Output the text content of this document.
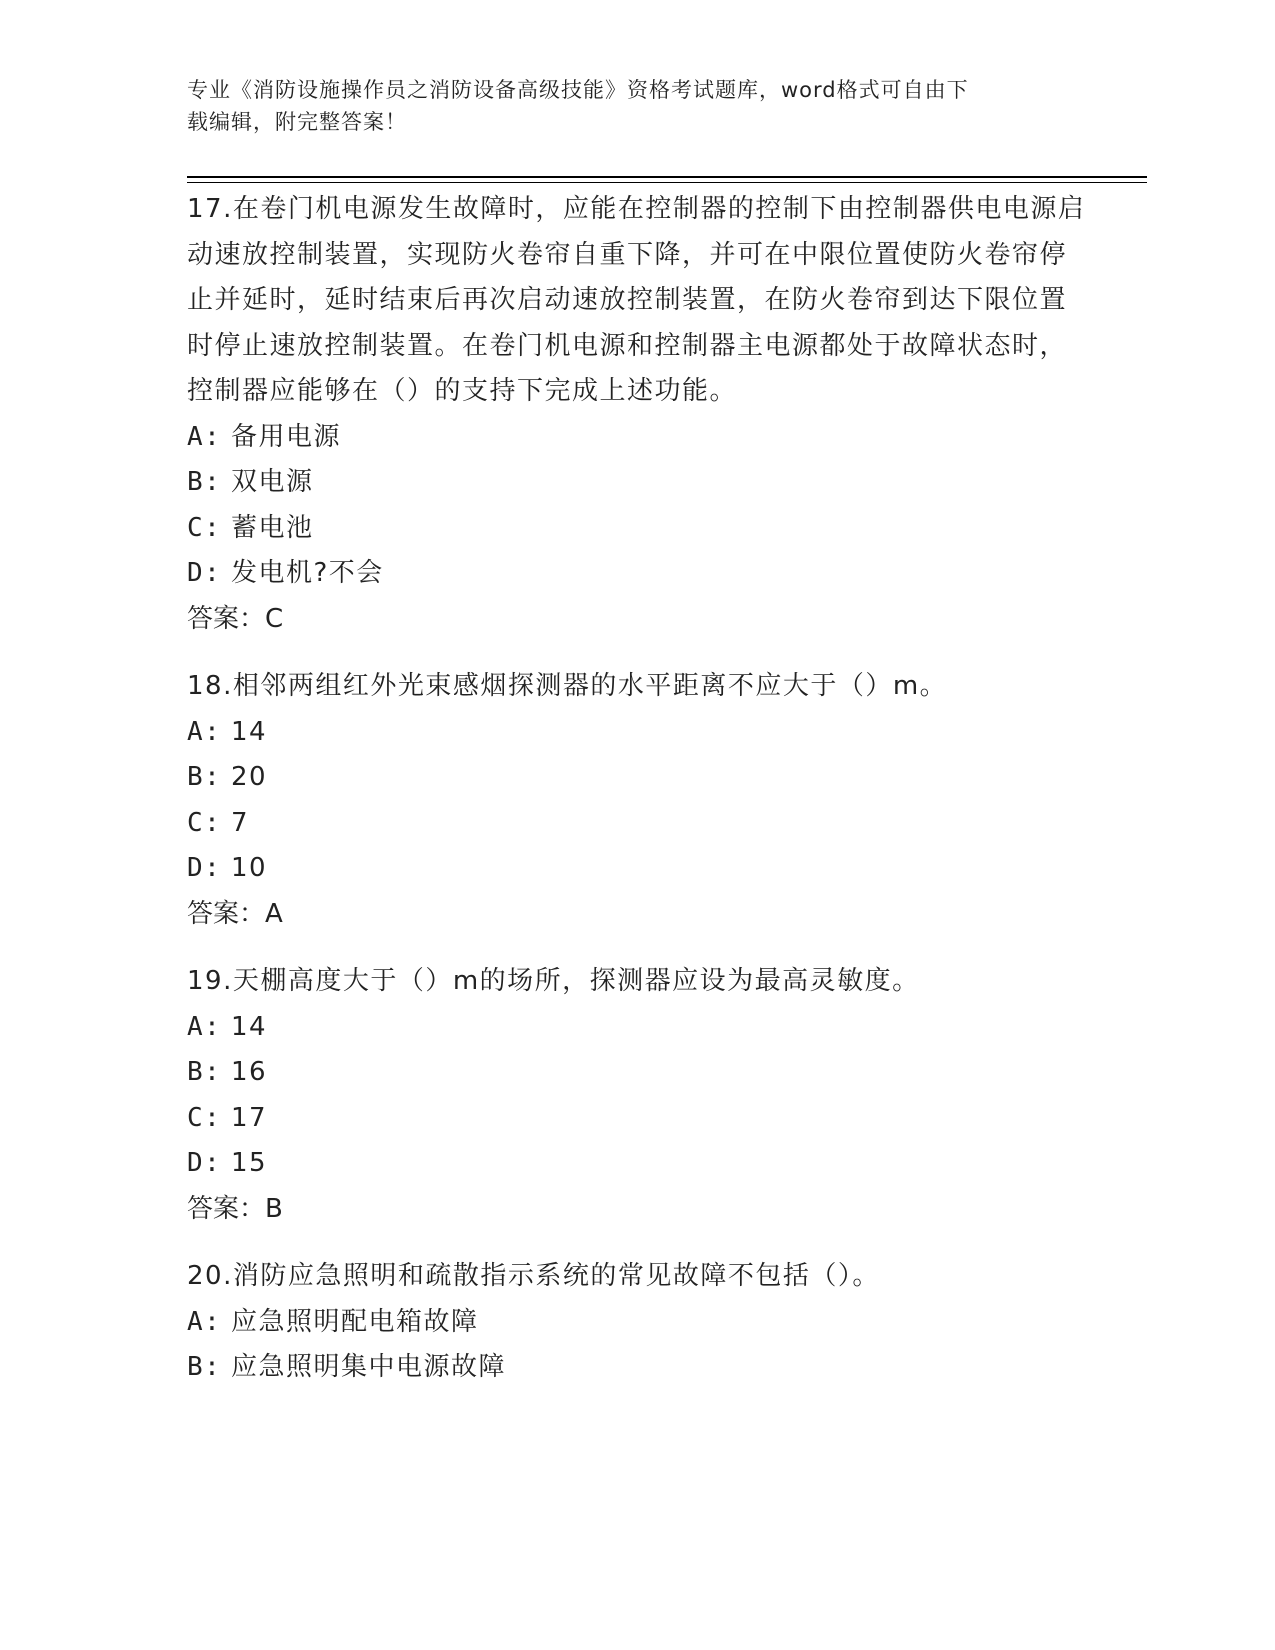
专业《消防设施操作员之消防设备高级技能》资格考试题库，word格式可自由下
载编辑，附完整答案！

17.在卷门机电源发生故障时，应能在控制器的控制下由控制器供电电源启动速放控制装置，实现防火卷帘自重下降，并可在中限位置使防火卷帘停止并延时，延时结束后再次启动速放控制装置，在防火卷帘到达下限位置时停止速放控制装置。在卷门机电源和控制器主电源都处于故障状态时，控制器应能够在（）的支持下完成上述功能。

A: 备用电源

B: 双电源

C: 蓄电池

D: 发电机?不会

答案：C

18.相邻两组红外光束感烟探测器的水平距离不应大于（）m。

A: 14

B: 20

C: 7

D: 10

答案：A

19.天棚高度大于（）m的场所，探测器应设为最高灵敏度。

A: 14

B: 16

C: 17

D: 15

答案：B

20.消防应急照明和疏散指示系统的常见故障不包括（）。

A: 应急照明配电箱故障

B: 应急照明集中电源故障
